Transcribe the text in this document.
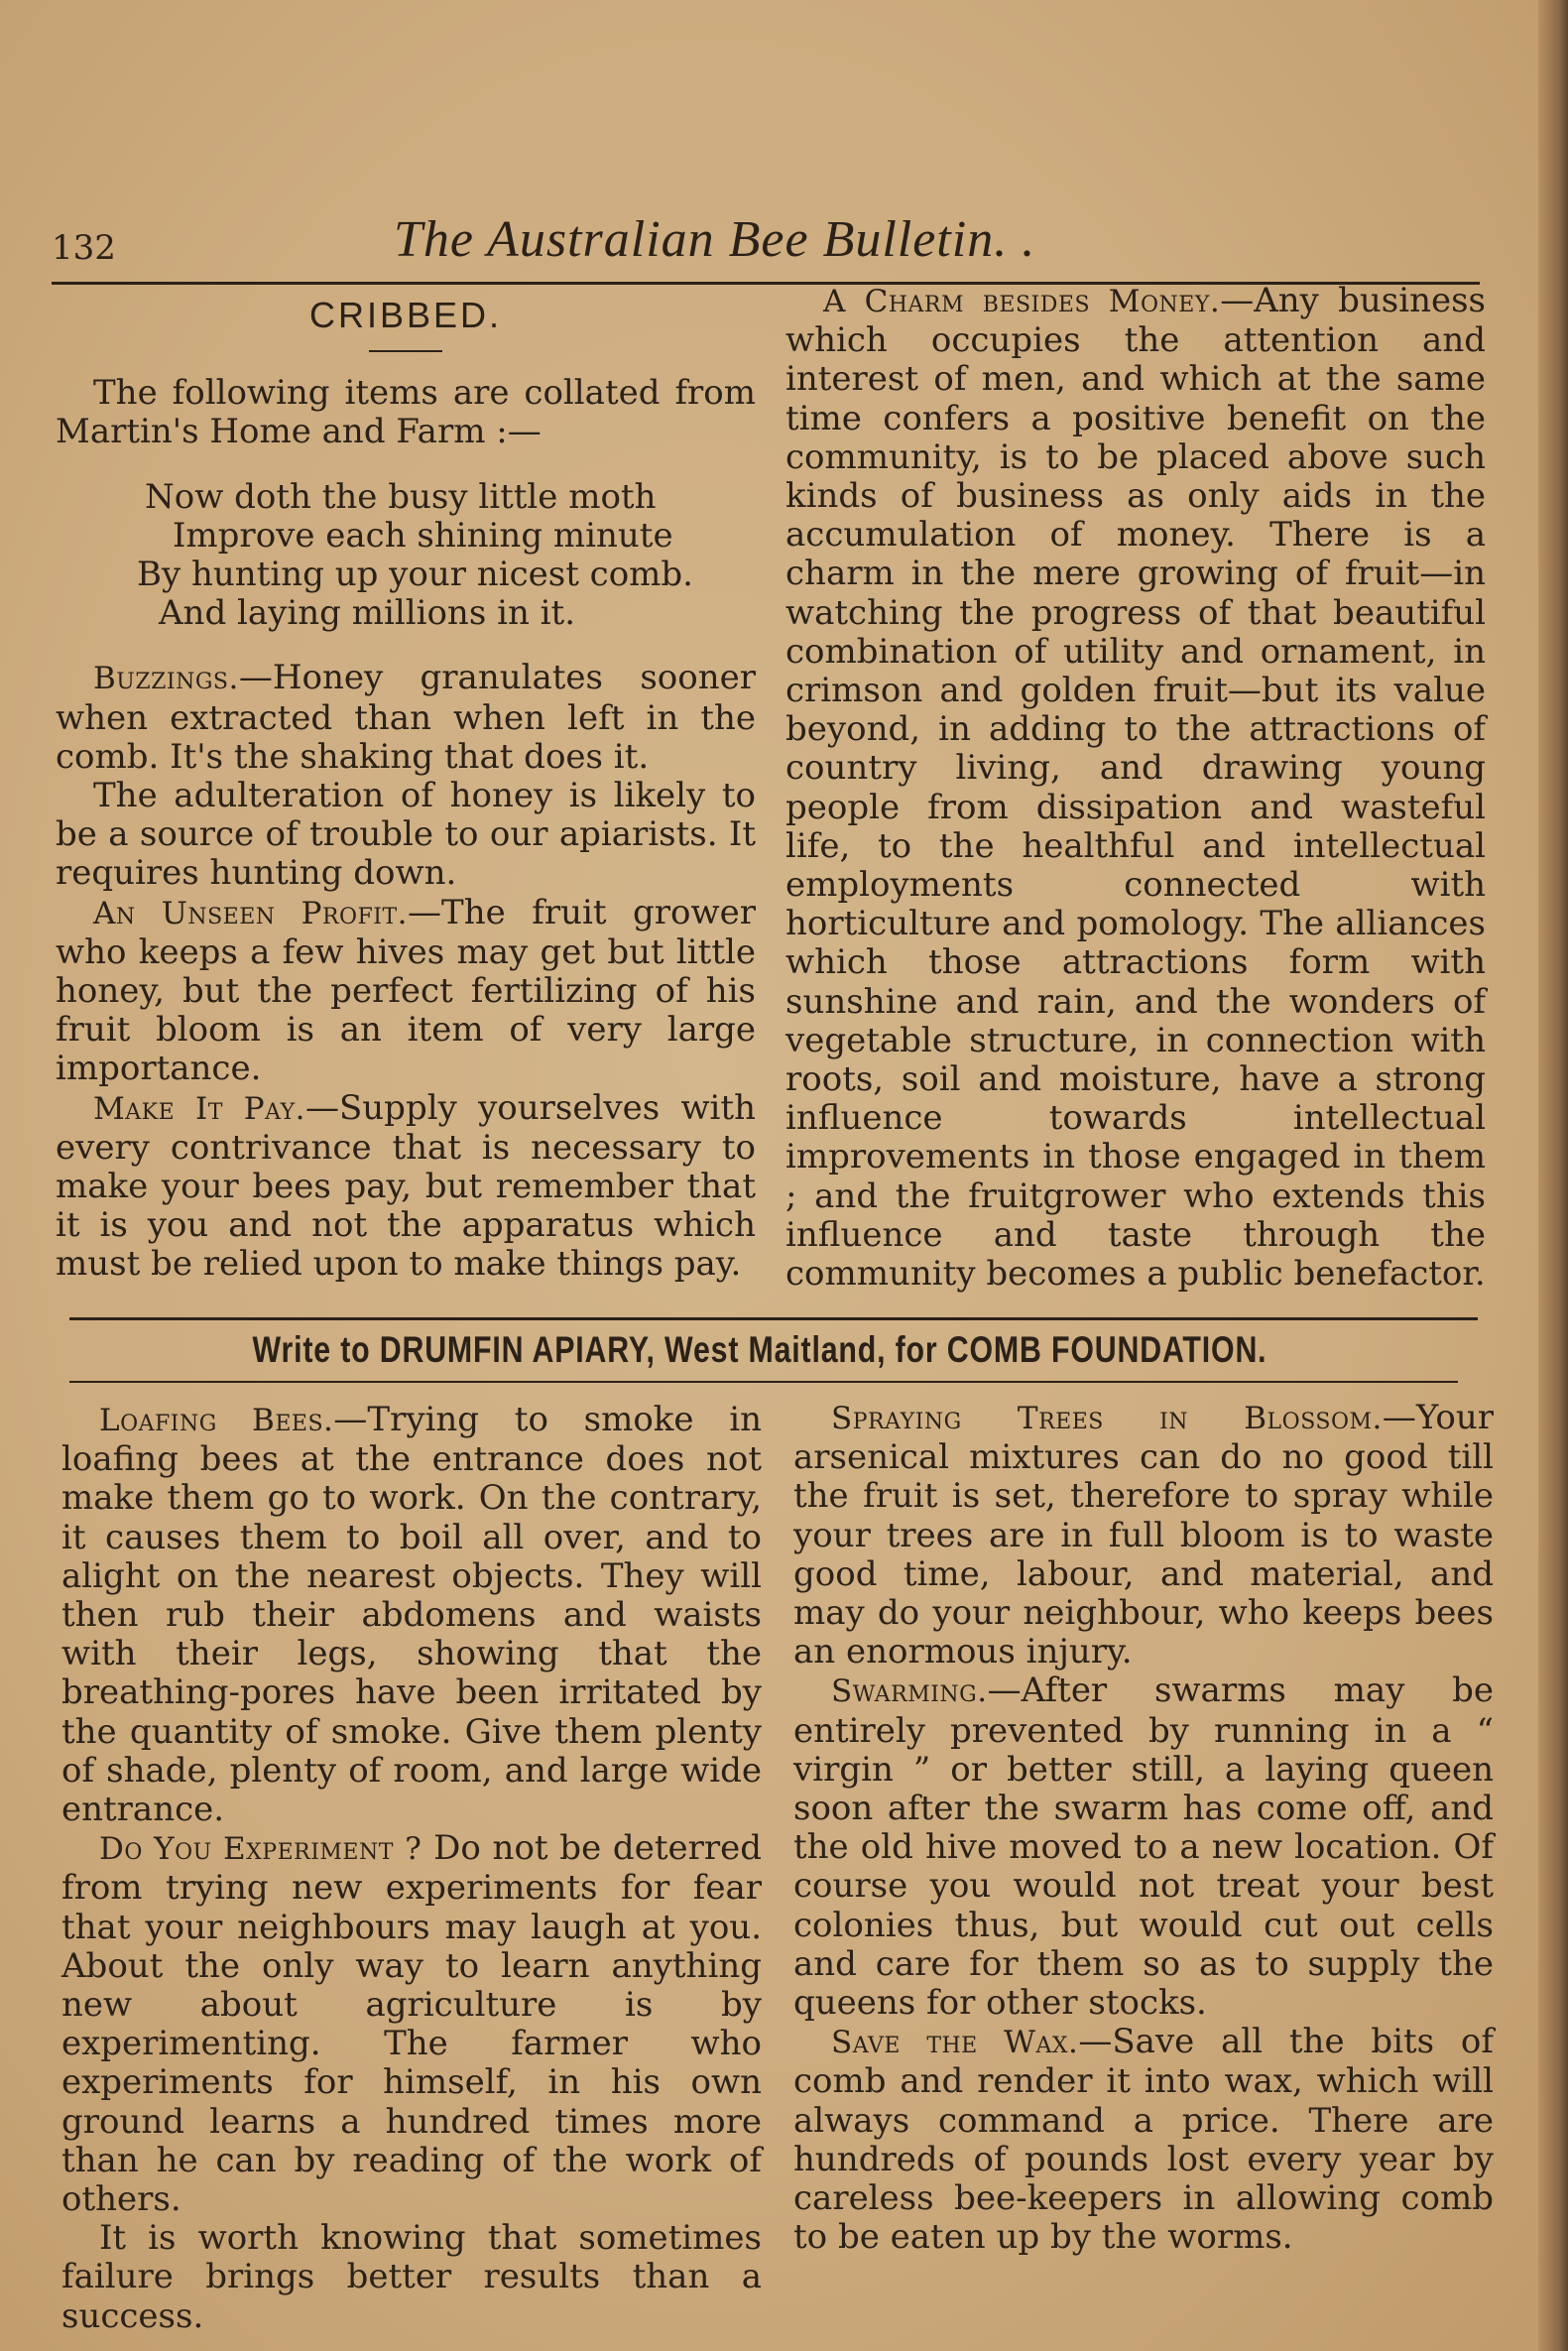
132	The Australian Bee Bulletin. .
CRIBBED.

The following items are collated from Martin's Home and Farm :—

Now doth the busy little moth
Improve each shining minute
By hunting up your nicest comb.
And laying millions in it.

Buzzings.—Honey granulates sooner when extracted than when left in the comb. It's the shaking that does it.

The adulteration of honey is likely to be a source of trouble to our apiarists. It requires hunting down.

An Unseen Profit.—The fruit grower who keeps a few hives may get but little honey, but the perfect fertilizing of his fruit bloom is an item of very large importance.

Make It Pay.—Supply yourselves with every contrivance that is necessary to make your bees pay, but remember that it is you and not the apparatus which must be relied upon to make things pay.

A Charm besides Money.—Any business which occupies the attention and interest of men, and which at the same time confers a positive benefit on the community, is to be placed above such kinds of business as only aids in the accumulation of money. There is a charm in the mere growing of fruit—in watching the progress of that beautiful combination of utility and ornament, in crimson and golden fruit—but its value beyond, in adding to the attractions of country living, and drawing young people from dissipation and wasteful life, to the healthful and intellectual employments connected with horticulture and pomology. The alliances which those attractions form with sunshine and rain, and the wonders of vegetable structure, in connection with roots, soil and moisture, have a strong influence towards intellectual improvements in those engaged in them ; and the fruitgrower who extends this influence and taste through the community becomes a public benefactor.

Write to DRUMFIN APIARY, West Maitland, for COMB FOUNDATION.

Loafing Bees.—Trying to smoke in loafing bees at the entrance does not make them go to work. On the contrary, it causes them to boil all over, and to alight on the nearest objects. They will then rub their abdomens and waists with their legs, showing that the breathing-pores have been irritated by the quantity of smoke. Give them plenty of shade, plenty of room, and large wide entrance.

Do You Experiment ? Do not be deterred from trying new experiments for fear that your neighbours may laugh at you. About the only way to learn anything new about agriculture is by experimenting. The farmer who experiments for himself, in his own ground learns a hundred times more than he can by reading of the work of others.

It is worth knowing that sometimes failure brings better results than a success.

Spraying Trees in Blossom.—Your arsenical mixtures can do no good till the fruit is set, therefore to spray while your trees are in full bloom is to waste good time, labour, and material, and may do your neighbour, who keeps bees an enormous injury.

Swarming.—After swarms may be entirely prevented by running in a “ virgin ” or better still, a laying queen soon after the swarm has come off, and the old hive moved to a new location. Of course you would not treat your best colonies thus, but would cut out cells and care for them so as to supply the queens for other stocks.

Save the Wax.—Save all the bits of comb and render it into wax, which will always command a price. There are hundreds of pounds lost every year by careless bee-keepers in allowing comb to be eaten up by the worms.
